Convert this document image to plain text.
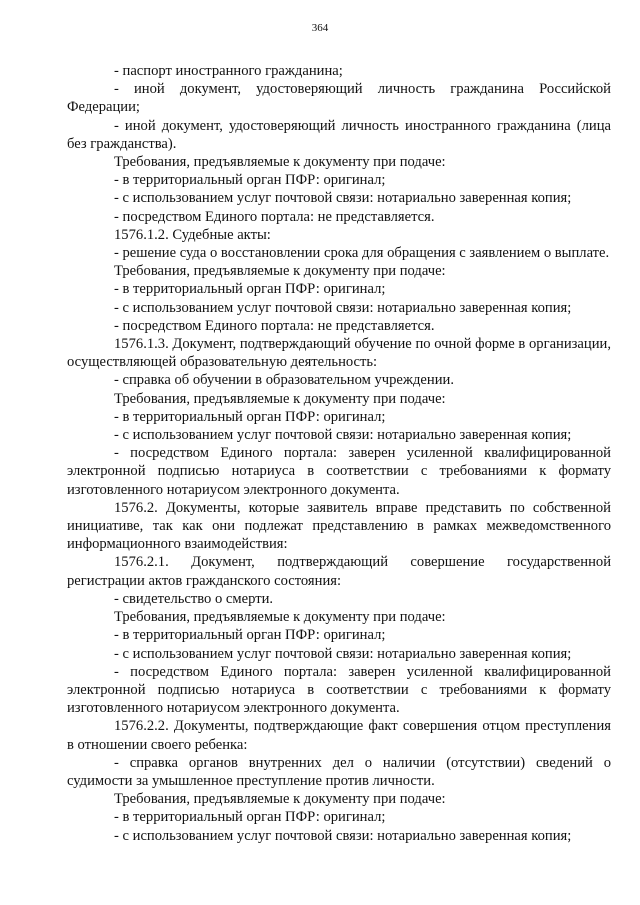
364

- паспорт иностранного гражданина;

- иной документ, удостоверяющий личность гражданина Российской Федерации;

- иной документ, удостоверяющий личность иностранного гражданина (лица без гражданства).

Требования, предъявляемые к документу при подаче:

- в территориальный орган ПФР: оригинал;

- с использованием услуг почтовой связи: нотариально заверенная копия;

- посредством Единого портала: не представляется.

1576.1.2. Судебные акты:

- решение суда о восстановлении срока для обращения с заявлением о выплате.

Требования, предъявляемые к документу при подаче:

- в территориальный орган ПФР: оригинал;

- с использованием услуг почтовой связи: нотариально заверенная копия;

- посредством Единого портала: не представляется.

1576.1.3. Документ, подтверждающий обучение по очной форме в организации, осуществляющей образовательную деятельность:

- справка об обучении в образовательном учреждении.

Требования, предъявляемые к документу при подаче:

- в территориальный орган ПФР: оригинал;

- с использованием услуг почтовой связи: нотариально заверенная копия;

- посредством Единого портала: заверен усиленной квалифицированной электронной подписью нотариуса в соответствии с требованиями к формату изготовленного нотариусом электронного документа.

1576.2. Документы, которые заявитель вправе представить по собственной инициативе, так как они подлежат представлению в рамках межведомственного информационного взаимодействия:

1576.2.1. Документ, подтверждающий совершение государственной регистрации актов гражданского состояния:

- свидетельство о смерти.

Требования, предъявляемые к документу при подаче:

- в территориальный орган ПФР: оригинал;

- с использованием услуг почтовой связи: нотариально заверенная копия;

- посредством Единого портала: заверен усиленной квалифицированной электронной подписью нотариуса в соответствии с требованиями к формату изготовленного нотариусом электронного документа.

1576.2.2. Документы, подтверждающие факт совершения отцом преступления в отношении своего ребенка:

- справка органов внутренних дел о наличии (отсутствии) сведений о судимости за умышленное преступление против личности.

Требования, предъявляемые к документу при подаче:

- в территориальный орган ПФР: оригинал;

- с использованием услуг почтовой связи: нотариально заверенная копия;
